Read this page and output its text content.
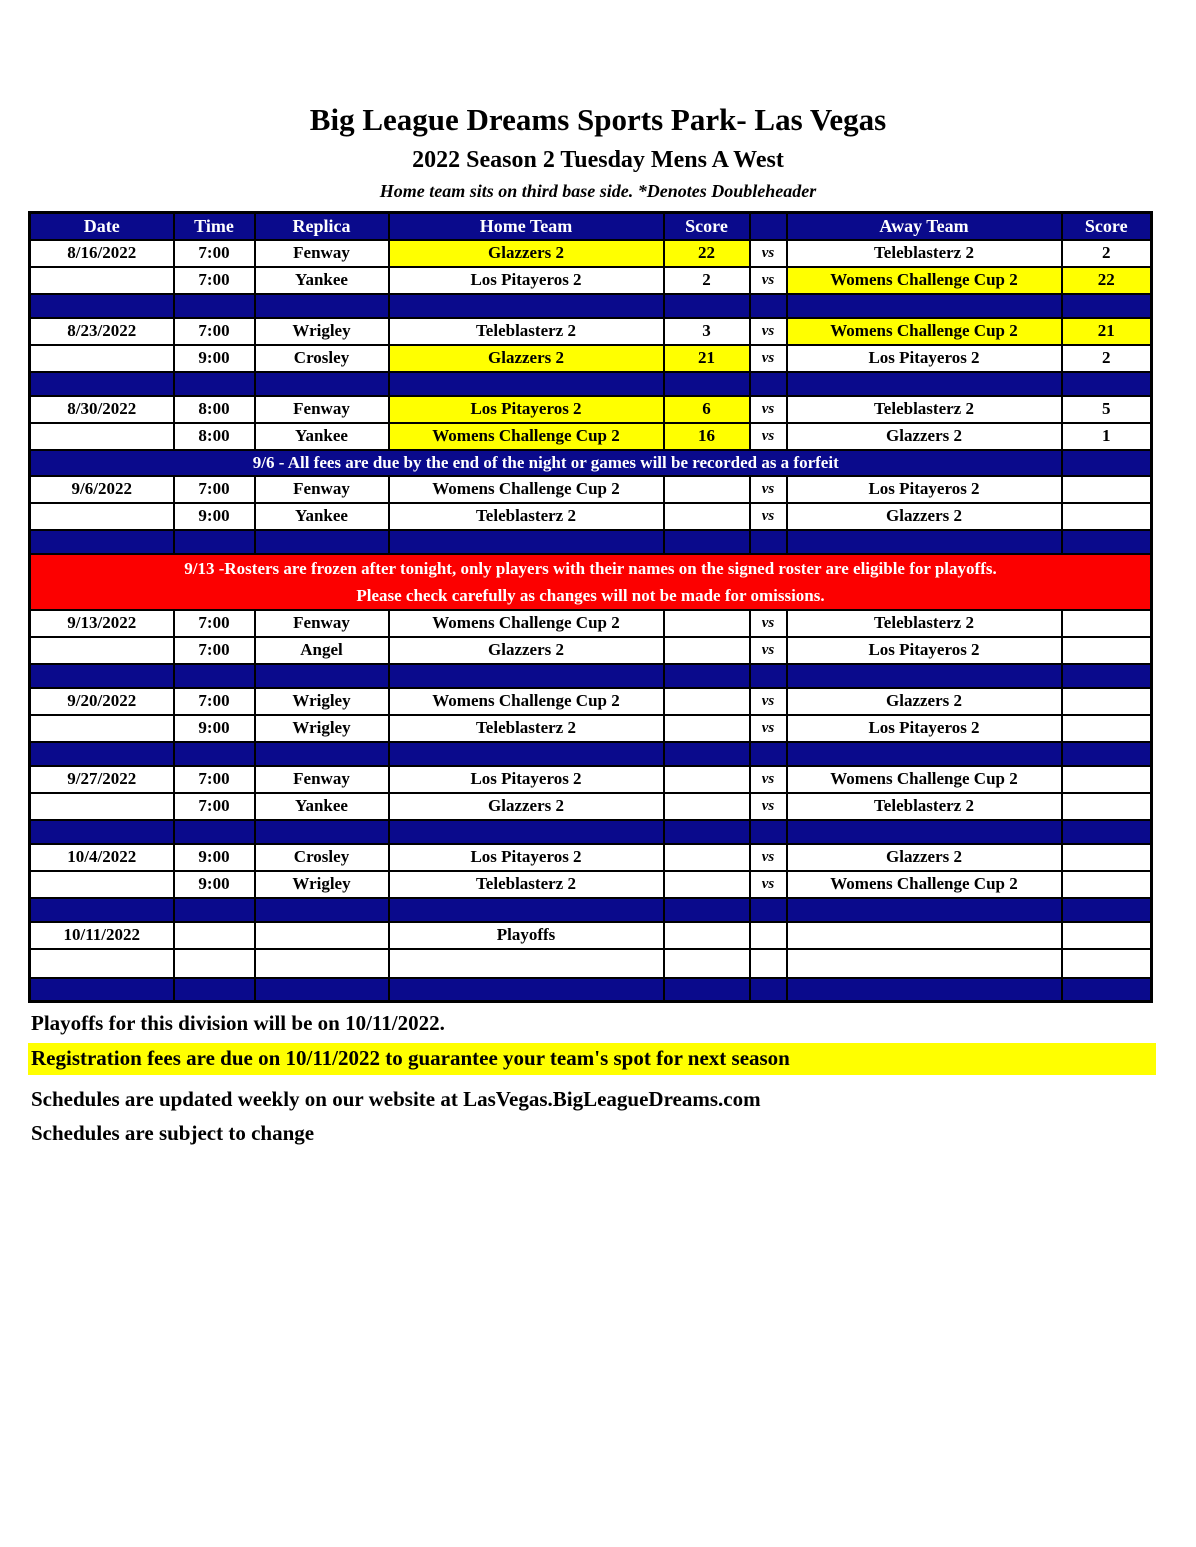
Big League Dreams Sports Park- Las Vegas
2022 Season 2 Tuesday Mens A West
Home team sits on third base side. *Denotes Doubleheader
Date	Time	Replica	Home Team	Score		Away Team	Score
8/16/2022	7:00	Fenway	Glazzers 2	22	vs	Teleblasterz 2	2
	7:00	Yankee	Los Pitayeros 2	2	vs	Womens Challenge Cup 2	22

8/23/2022	7:00	Wrigley	Teleblasterz 2	3	vs	Womens Challenge Cup 2	21
	9:00	Crosley	Glazzers 2	21	vs	Los Pitayeros 2	2

8/30/2022	8:00	Fenway	Los Pitayeros 2	6	vs	Teleblasterz 2	5
	8:00	Yankee	Womens Challenge Cup 2	16	vs	Glazzers 2	1
9/6 - All fees are due by the end of the night or games will be recorded as a forfeit							
9/6/2022	7:00	Fenway	Womens Challenge Cup 2		vs	Los Pitayeros 2	
	9:00	Yankee	Teleblasterz 2		vs	Glazzers 2	

9/13 -Rosters are frozen after tonight, only players with their names on the signed roster are eligible for playoffs.
Please check carefully as changes will not be made for omissions.							

9/13/2022	7:00	Fenway	Womens Challenge Cup 2		vs	Teleblasterz 2	
	7:00	Angel	Glazzers 2		vs	Los Pitayeros 2	

9/20/2022	7:00	Wrigley	Womens Challenge Cup 2		vs	Glazzers 2	
	9:00	Wrigley	Teleblasterz 2		vs	Los Pitayeros 2	

9/27/2022	7:00	Fenway	Los Pitayeros 2		vs	Womens Challenge Cup 2	
	7:00	Yankee	Glazzers 2		vs	Teleblasterz 2	

10/4/2022	9:00	Crosley	Los Pitayeros 2		vs	Glazzers 2	
	9:00	Wrigley	Teleblasterz 2		vs	Womens Challenge Cup 2	

10/11/2022			Playoffs				

Playoffs for this division will be on 10/11/2022.
Registration fees are due on 10/11/2022 to guarantee your team's spot for next season
Schedules are updated weekly on our website at LasVegas.BigLeagueDreams.com
Schedules are subject to change
